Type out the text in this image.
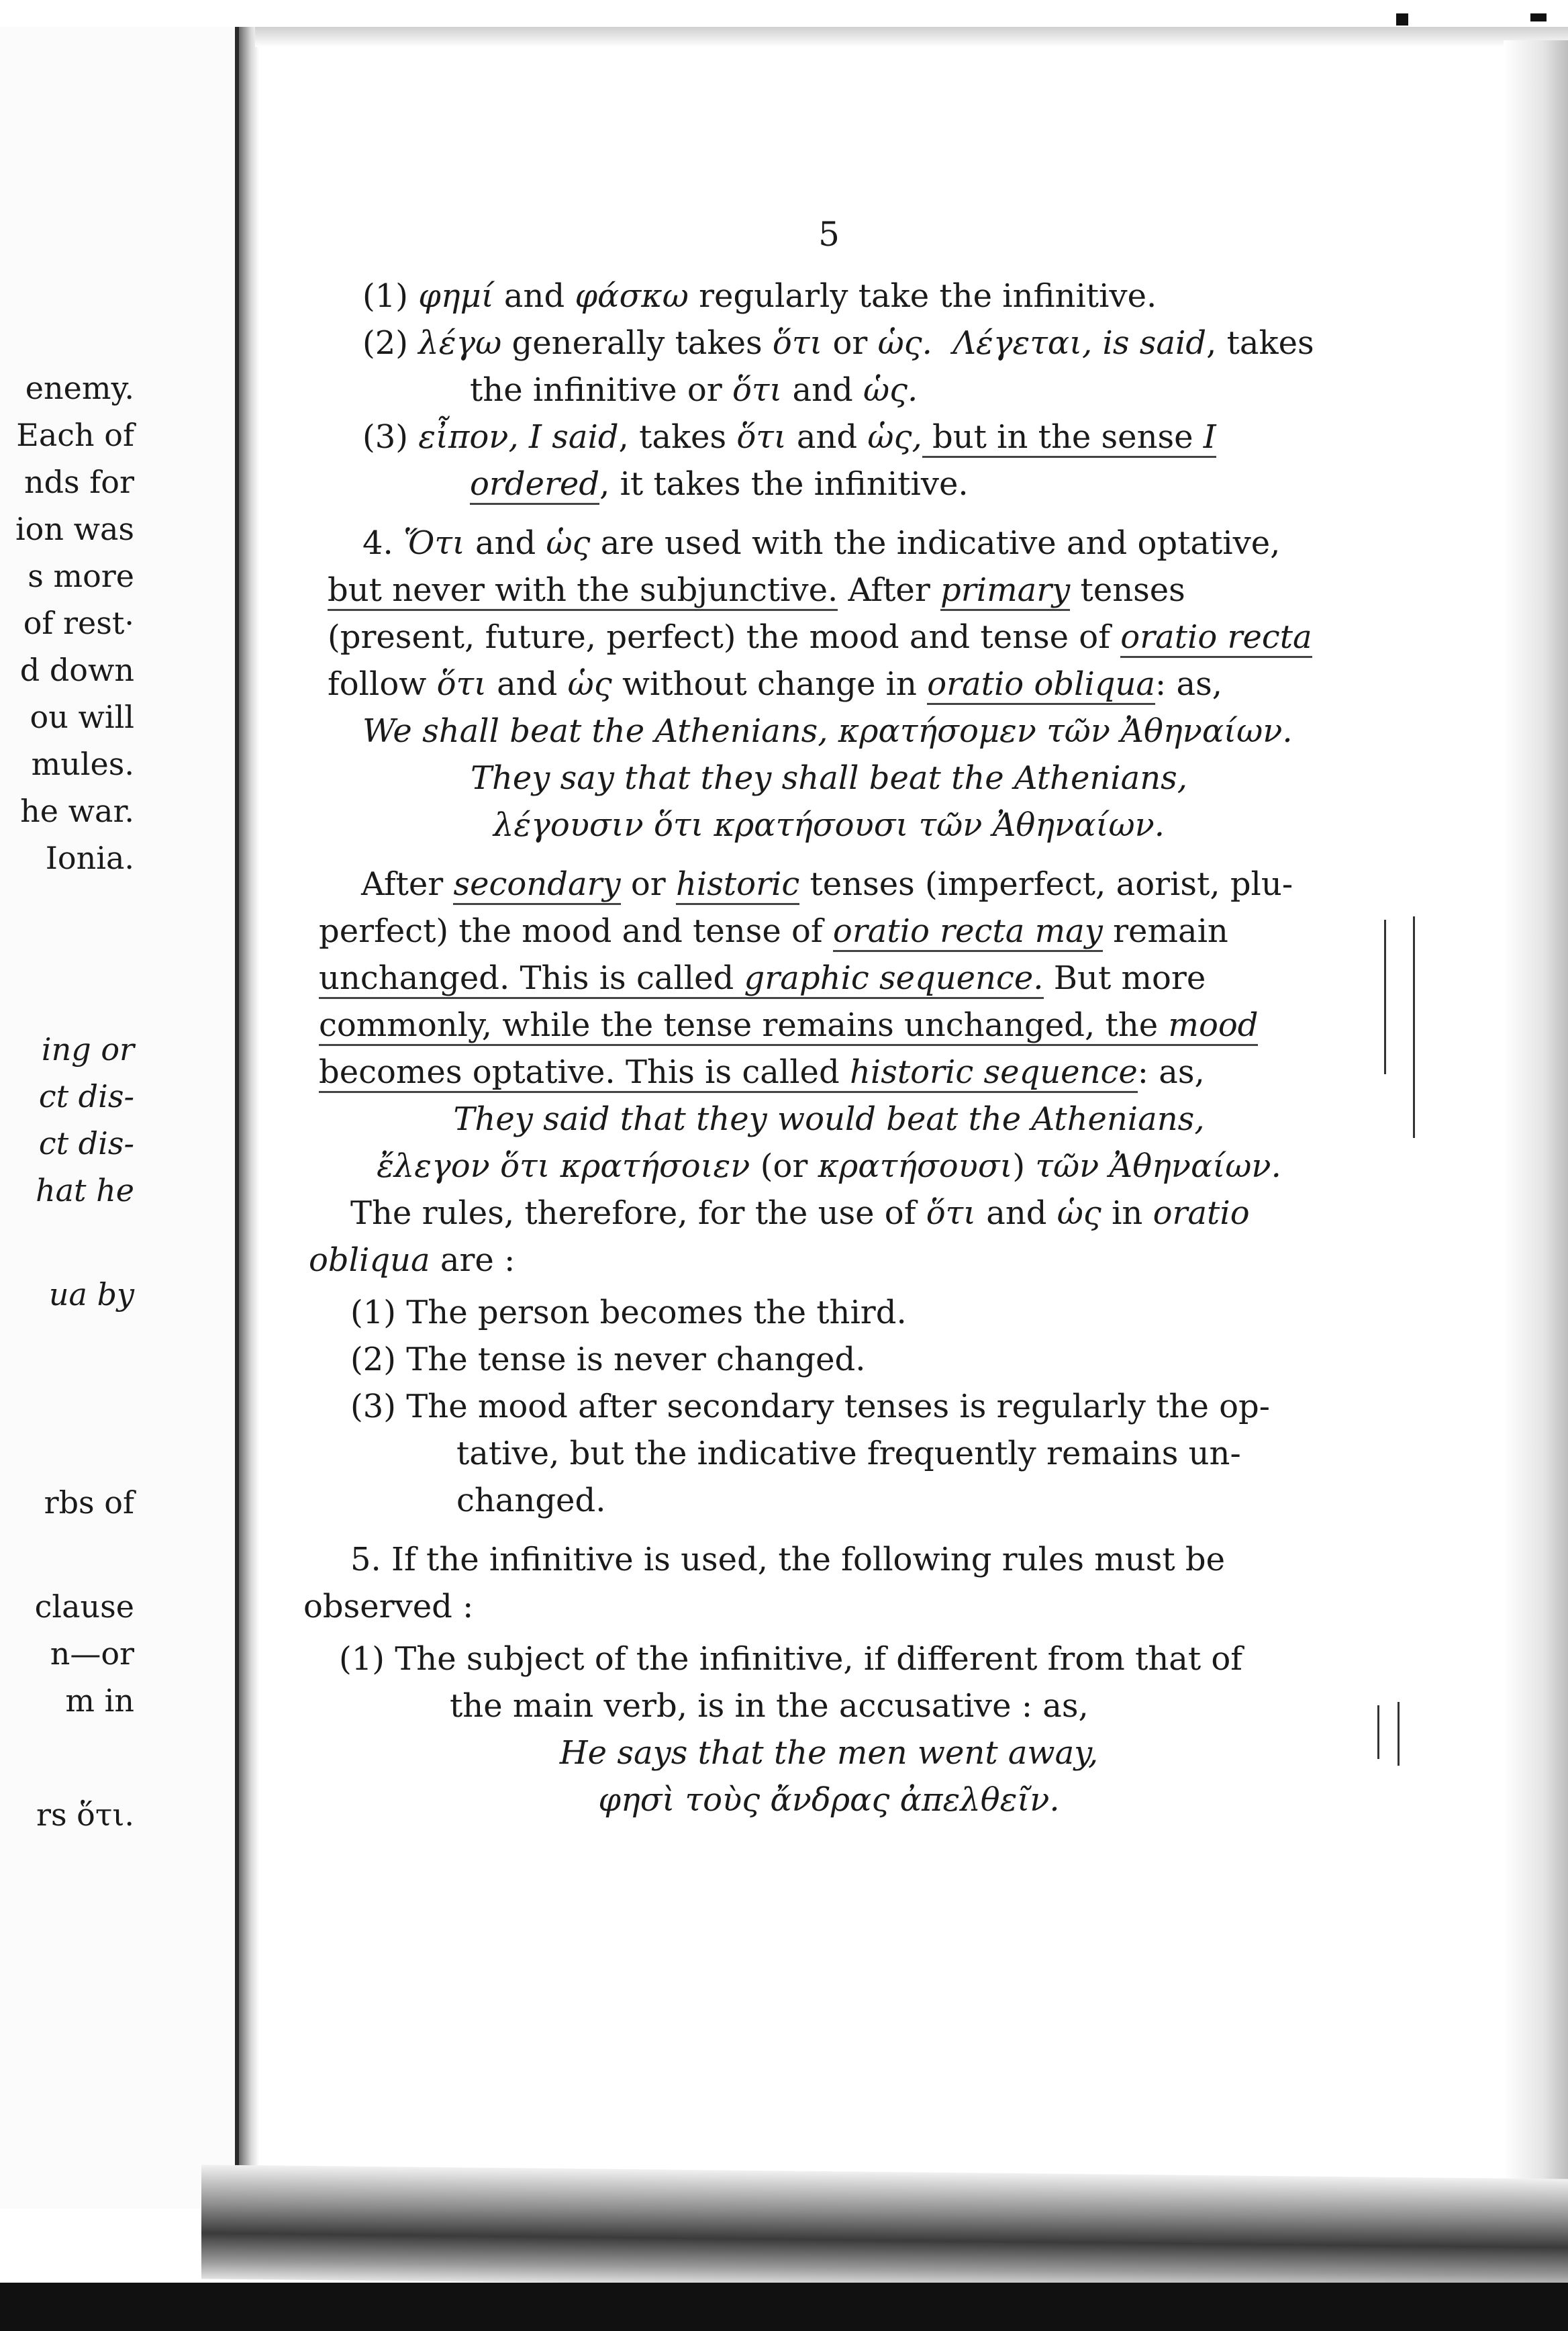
enemy.

Each of

nds for

ion was

s more

of rest·

d down

ou will

mules.

he war.

Ionia.

ing or

ct dis-

ct dis-

hat he

ua by

rbs of

clause

n—or

m in

rs ὅτι.

5

(1) φημί and φάσκω regularly take the infinitive.

(2) λέγω generally takes ὅτι or ὡς. Λέγεται, is said, takes

the infinitive or ὅτι and ὡς.

(3) εἶπον, I said, takes ὅτι and ὡς, but in the sense I

ordered, it takes the infinitive.

4. Ὅτι and ὡς are used with the indicative and optative,

but never with the subjunctive. After primary tenses

(present, future, perfect) the mood and tense of oratio recta

follow ὅτι and ὡς without change in oratio obliqua: as,

We shall beat the Athenians, κρατήσομεν τῶν Ἀθηναίων.

They say that they shall beat the Athenians,

λέγουσιν ὅτι κρατήσουσι τῶν Ἀθηναίων.

After secondary or historic tenses (imperfect, aorist, plu-

perfect) the mood and tense of oratio recta may remain

unchanged. This is called graphic sequence. But more

commonly, while the tense remains unchanged, the mood

becomes optative. This is called historic sequence: as,

They said that they would beat the Athenians,

ἔλεγον ὅτι κρατήσοιεν (or κρατήσουσι) τῶν Ἀθηναίων.

The rules, therefore, for the use of ὅτι and ὡς in oratio

obliqua are :

(1) The person becomes the third.

(2) The tense is never changed.

(3) The mood after secondary tenses is regularly the op-

tative, but the indicative frequently remains un-

changed.

5. If the infinitive is used, the following rules must be

observed :

(1) The subject of the infinitive, if different from that of

the main verb, is in the accusative : as,

He says that the men went away,

φησὶ τοὺς ἄνδρας ἀπελθεῖν.
